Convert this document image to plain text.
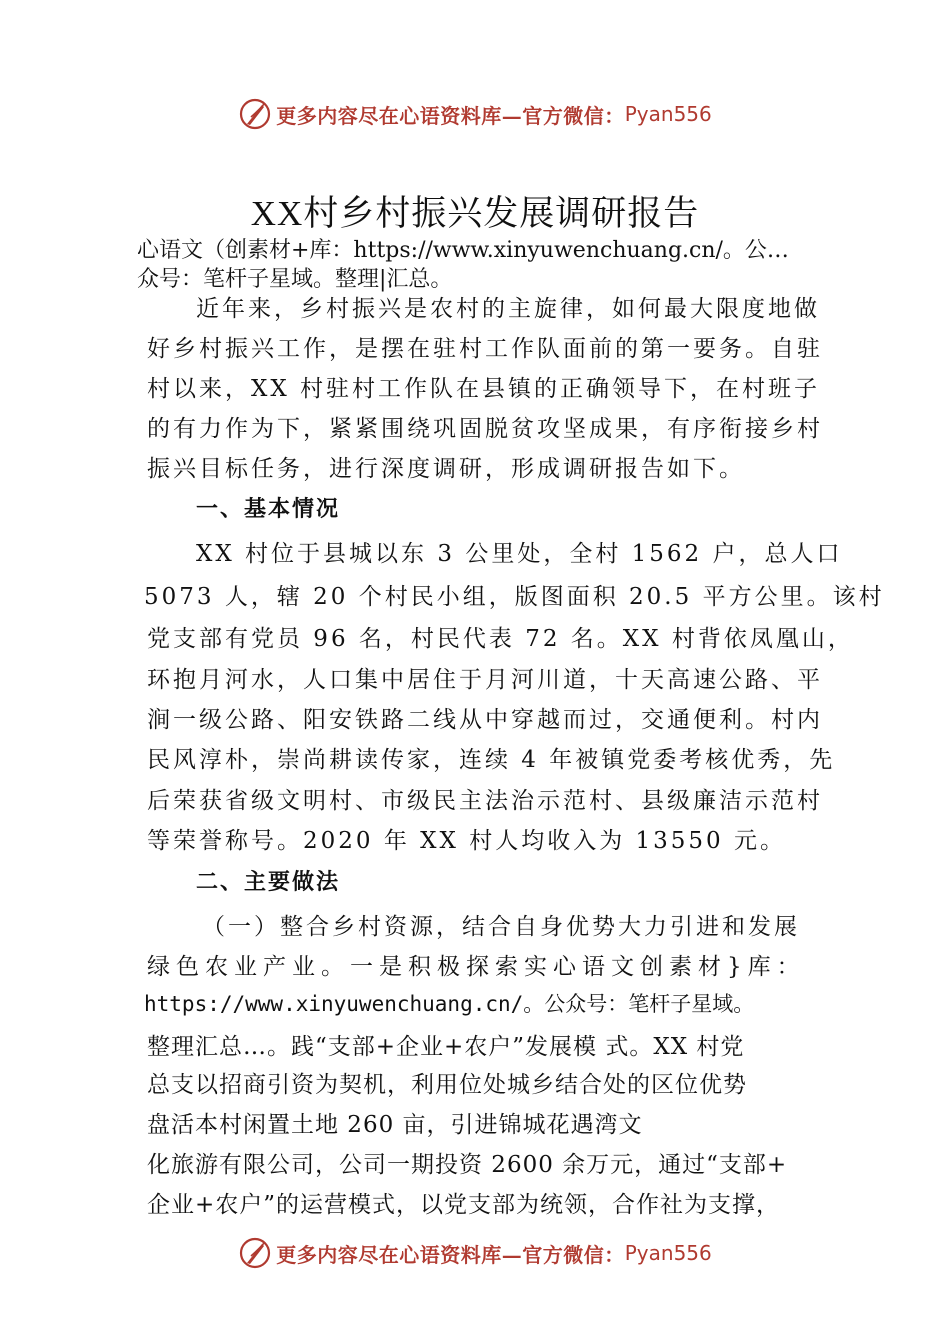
更多内容尽在心语资料库—官方微信： Pyan556
XX村乡村振兴发展调研报告
心语文（创素材+库：https://www.xinyuwenchuang.cn/。公…
众号：笔杆子星域。整理|汇总。
近年来，乡村振兴是农村的主旋律，如何最大限度地做
好乡村振兴工作，是摆在驻村工作队面前的第一要务。自驻
村以来，XX 村驻村工作队在县镇的正确领导下，在村班子
的有力作为下，紧紧围绕巩固脱贫攻坚成果，有序衔接乡村
振兴目标任务，进行深度调研，形成调研报告如下。
一、基本情况
XX 村位于县城以东 3 公里处，全村 1562 户，总人口
5073 人，辖 20 个村民小组，版图面积 20.5 平方公里。该村
党支部有党员 96 名，村民代表 72 名。XX 村背依凤凰山，
环抱月河水，人口集中居住于月河川道，十天高速公路、平
涧一级公路、阳安铁路二线从中穿越而过，交通便利。村内
民风淳朴，崇尚耕读传家，连续 4 年被镇党委考核优秀，先
后荣获省级文明村、市级民主法治示范村、县级廉洁示范村
等荣誉称号。2020 年 XX 村人均收入为 13550 元。
二、主要做法
（一）整合乡村资源，结合自身优势大力引进和发展
绿色农业产业。一是积极探索实心语文创素材}库：
https://www.xinyuwenchuang.cn/。公众号：笔杆子星域。
整理汇总…。践“支部+企业+农户”发展模 式。XX 村党
总支以招商引资为契机，利用位处城乡结合处的区位优势
盘活本村闲置土地 260 亩，引进锦城花遇湾文
化旅游有限公司，公司一期投资 2600 余万元，通过“支部+
企业+农户”的运营模式，以党支部为统领，合作社为支撑，
更多内容尽在心语资料库—官方微信： Pyan556
